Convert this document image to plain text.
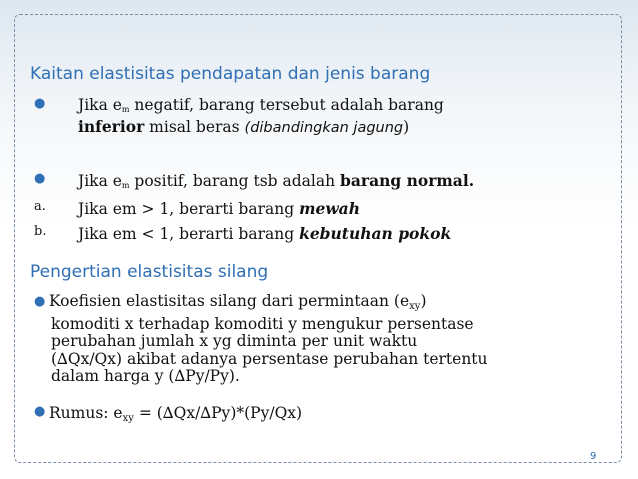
Kaitan elastisitas pendapatan dan jenis barang
● Jika $e_m$ negatif, barang tersebut adalah barang
inferior misal beras (dibandingkan jagung)
● Jika $e_m$ positif, barang tsb adalah barang normal.
a. Jika em > 1, berarti barang mewah
b. Jika em < 1, berarti barang kebutuhan pokok
Pengertian elastisitas silang
● Koefisien elastisitas silang dari permintaan $(e_{xy})$
komoditi x terhadap komoditi y mengukur persentase
perubahan jumlah x yg diminta per unit waktu
(∆Qx/Qx) akibat adanya persentase perubahan tertentu
dalam harga y (∆Py/Py).
● Rumus: $e_{xy} = (\Delta Qx/\Delta Py)*(Py/Qx)$
9
